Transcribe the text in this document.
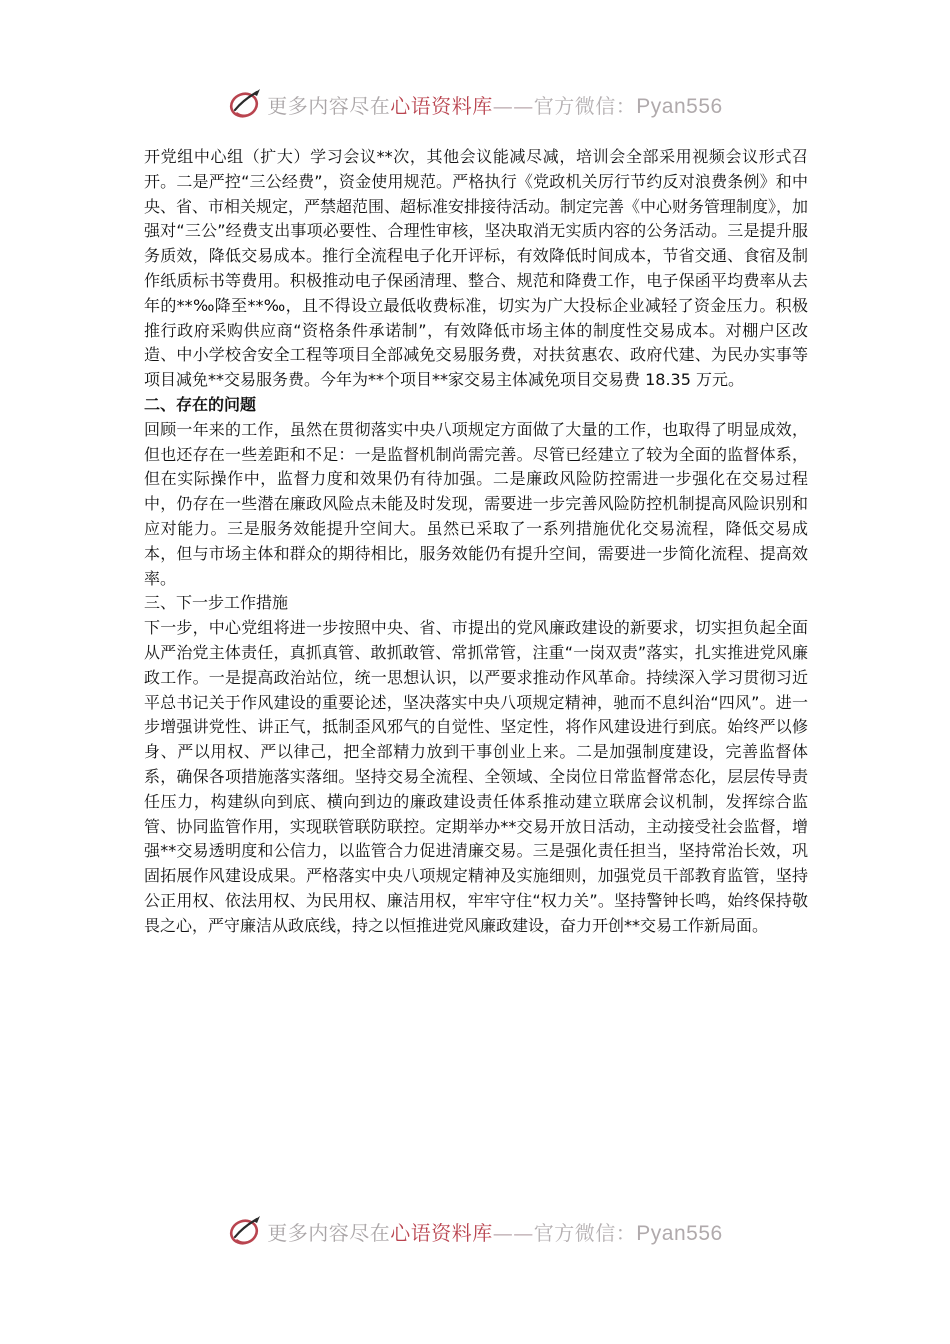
更多内容尽在心语资料库——官方微信：Pyan556

开党组中心组（扩大）学习会议**次，其他会议能减尽减，培训会全部采用视频会议形式召开。二是严控“三公经费”，资金使用规范。严格执行《党政机关厉行节约反对浪费条例》和中央、省、市相关规定，严禁超范围、超标准安排接待活动。制定完善《中心财务管理制度》，加强对“三公”经费支出事项必要性、合理性审核，坚决取消无实质内容的公务活动。三是提升服务质效，降低交易成本。推行全流程电子化开评标，有效降低时间成本，节省交通、食宿及制作纸质标书等费用。积极推动电子保函清理、整合、规范和降费工作，电子保函平均费率从去年的**‰降至**‰，且不得设立最低收费标准，切实为广大投标企业减轻了资金压力。积极推行政府采购供应商“资格条件承诺制”，有效降低市场主体的制度性交易成本。对棚户区改造、中小学校舍安全工程等项目全部减免交易服务费，对扶贫惠农、政府代建、为民办实事等项目减免**交易服务费。今年为**个项目**家交易主体减免项目交易费 18.35 万元。

二、存在的问题

回顾一年来的工作，虽然在贯彻落实中央八项规定方面做了大量的工作，也取得了明显成效，但也还存在一些差距和不足：一是监督机制尚需完善。尽管已经建立了较为全面的监督体系，但在实际操作中，监督力度和效果仍有待加强。二是廉政风险防控需进一步强化在交易过程中，仍存在一些潜在廉政风险点未能及时发现，需要进一步完善风险防控机制提高风险识别和应对能力。三是服务效能提升空间大。虽然已采取了一系列措施优化交易流程，降低交易成本，但与市场主体和群众的期待相比，服务效能仍有提升空间，需要进一步简化流程、提高效率。

三、下一步工作措施

下一步，中心党组将进一步按照中央、省、市提出的党风廉政建设的新要求，切实担负起全面从严治党主体责任，真抓真管、敢抓敢管、常抓常管，注重“一岗双责”落实，扎实推进党风廉政工作。一是提高政治站位，统一思想认识，以严要求推动作风革命。持续深入学习贯彻习近平总书记关于作风建设的重要论述，坚决落实中央八项规定精神，驰而不息纠治“四风”。进一步增强讲党性、讲正气，抵制歪风邪气的自觉性、坚定性，将作风建设进行到底。始终严以修身、严以用权、严以律己，把全部精力放到干事创业上来。二是加强制度建设，完善监督体系，确保各项措施落实落细。坚持交易全流程、全领域、全岗位日常监督常态化，层层传导责任压力，构建纵向到底、横向到边的廉政建设责任体系推动建立联席会议机制，发挥综合监管、协同监管作用，实现联管联防联控。定期举办**交易开放日活动，主动接受社会监督，增强**交易透明度和公信力，以监管合力促进清廉交易。三是强化责任担当，坚持常治长效，巩固拓展作风建设成果。严格落实中央八项规定精神及实施细则，加强党员干部教育监管，坚持公正用权、依法用权、为民用权、廉洁用权，牢牢守住“权力关”。坚持警钟长鸣，始终保持敬畏之心，严守廉洁从政底线，持之以恒推进党风廉政建设，奋力开创**交易工作新局面。

更多内容尽在心语资料库——官方微信：Pyan556
